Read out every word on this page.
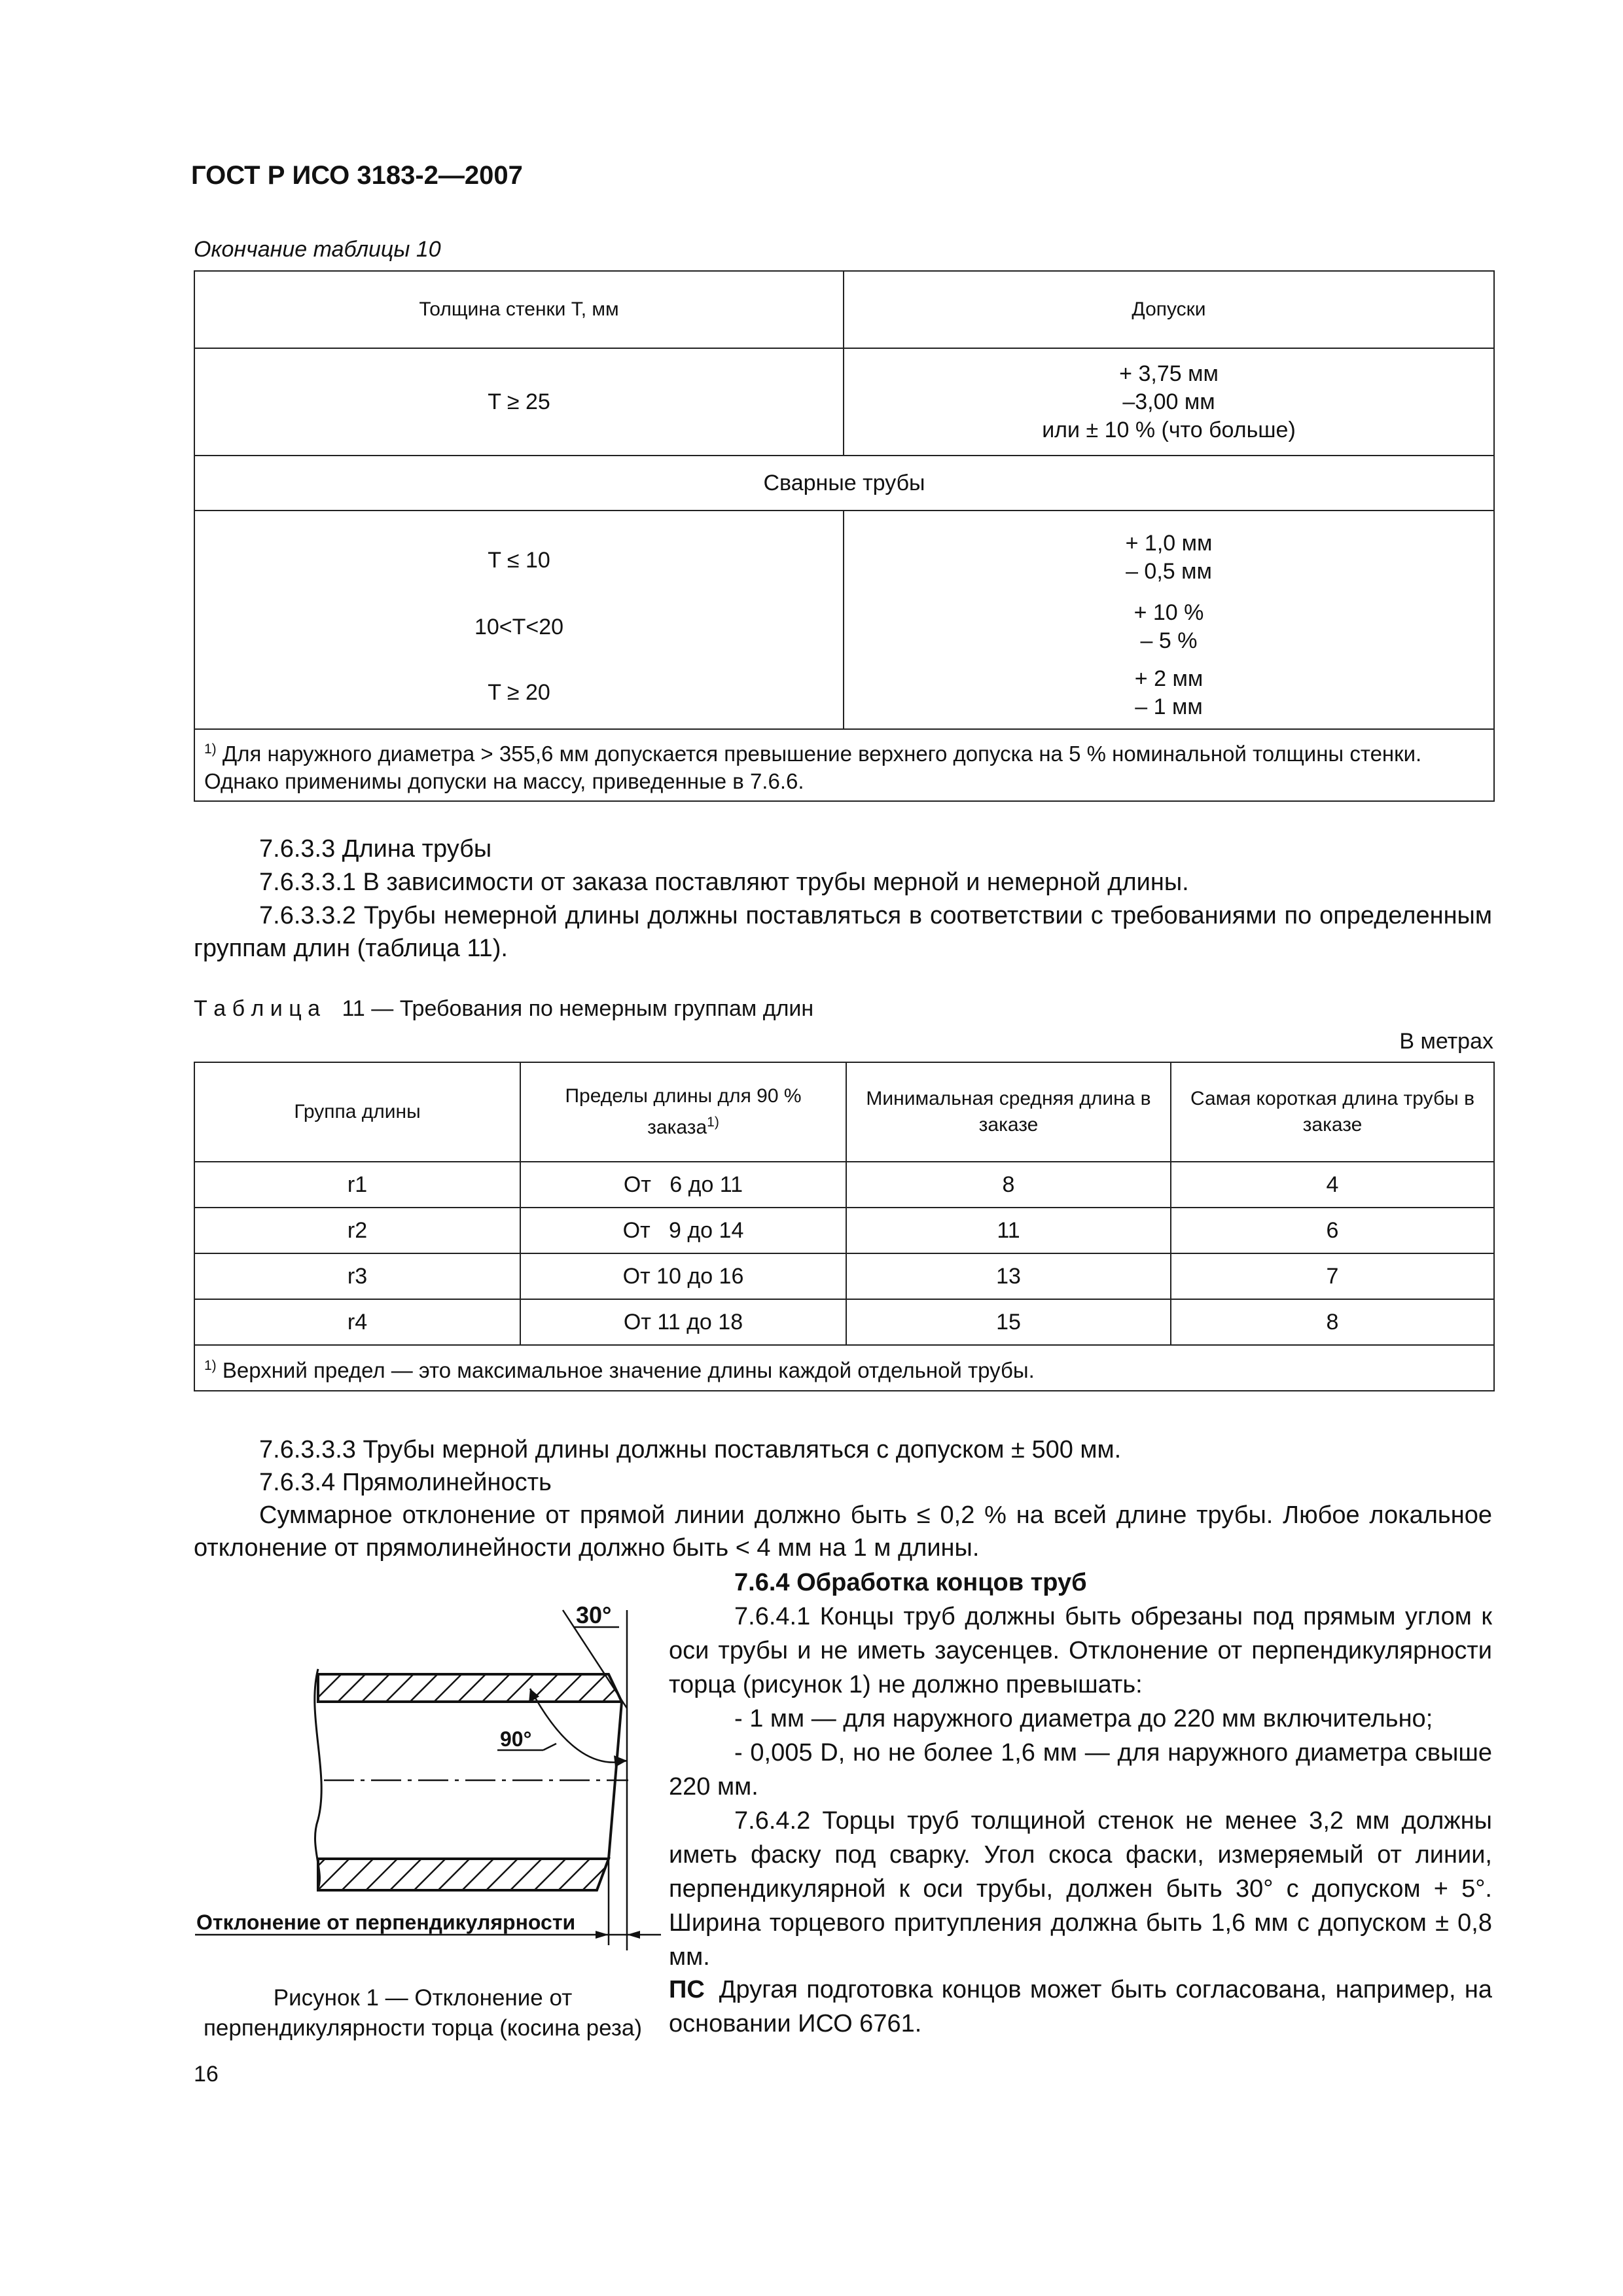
ГОСТ Р ИСО 3183-2—2007
Окончание таблицы 10
Толщина стенки T, мм	Допуски
T ≥ 25	+ 3,75 мм
–3,00 мм
или ± 10 % (что больше)

Сварные трубы	
T ≤ 10	+ 1,0 мм
– 0,5 мм

10<T<20	+ 10 %
– 5 %

T ≥ 20	+ 2 мм
– 1 мм

$^{1)}$ Для наружного диаметра > 355,6 мм допускается превышение верхнего допуска на 5 % номинальной толщины стенки. Однако применимы допуски на массу, приведенные в 7.6.6.	
7.6.3.3 Длина трубы
7.6.3.3.1 В зависимости от заказа поставляют трубы мерной и немерной длины.
7.6.3.3.2 Трубы немерной длины должны поставляться в соответствии с требованиями по определенным группам длин (таблица 11).
Т а б л и ц а 11 — Требования по немерным группам длин
В метрах
Группа длины	Пределы длины для 90 % заказа$^{1)}$	Минимальная средняя длина в заказе	Самая короткая длина трубы в заказе
r1	От   6 до 11	8	4
r2	От   9 до 14	11	6
r3	От 10 до 16	13	7
r4	От 11 до 18	15	8
$^{1)}$ Верхний предел — это максимальное значение длины каждой отдельной трубы.			
7.6.3.3.3 Трубы мерной длины должны поставляться с допуском ± 500 мм.
7.6.3.4 Прямолинейность
Суммарное отклонение от прямой линии должно быть ≤ 0,2 % на всей длине трубы. Любое локальное отклонение от прямолинейности должно быть < 4 мм на 1 м длины.
7.6.4 Обработка концов труб
7.6.4.1 Концы труб должны быть обрезаны под прямым углом к оси трубы и не иметь заусенцев. Отклонение от перпендикулярности торца (рисунок 1) не должно превышать:
- 1 мм — для наружного диаметра до 220 мм включительно;
- 0,005 D, но не более 1,6 мм — для наружного диаметра свыше 220 мм.
7.6.4.2 Торцы труб толщиной стенок не менее 3,2 мм должны иметь фаску под сварку. Угол скоса фаски, измеряемый от линии, перпендикулярной к оси трубы, должен быть 30° с допуском + 5°. Ширина торцевого притупления должна быть 1,6 мм с допуском ± 0,8 мм.
ПС Другая подготовка концов может быть согласована, например, на основании ИСО 6761.
30°
90°
Отклонение от перпендикулярности
Рисунок 1 — Отклонение от перпендикулярности торца (косина реза)
16
